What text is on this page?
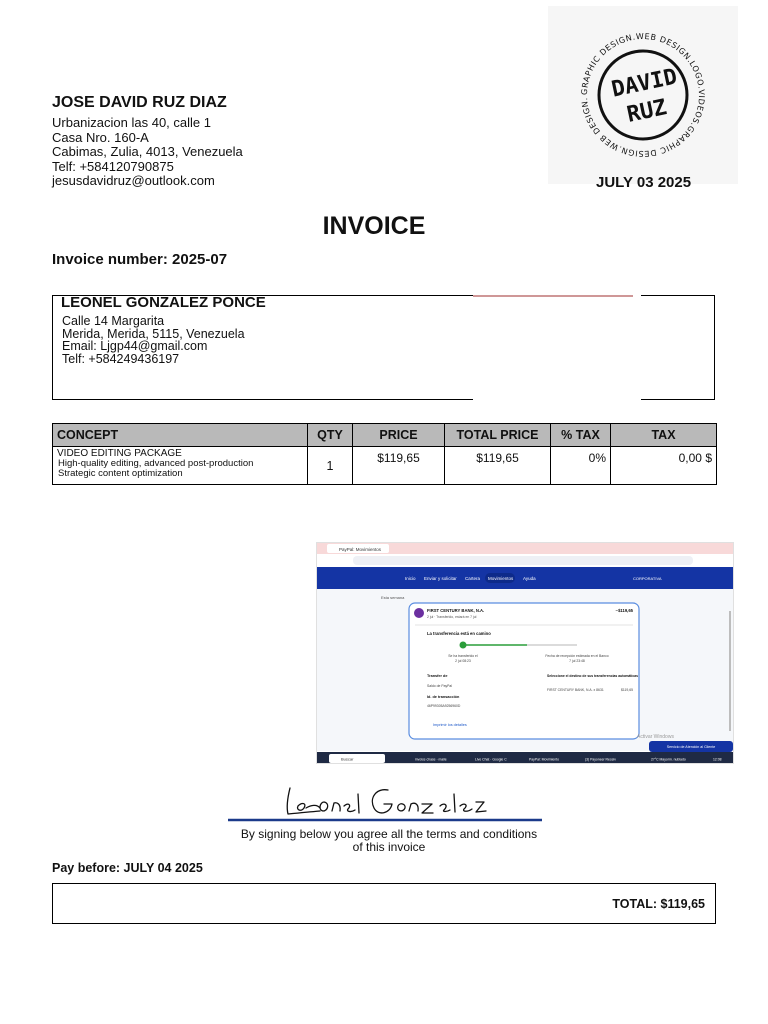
JOSE DAVID RUZ DIAZ
Urbanizacion las 40, calle 1
Casa Nro. 160-A
Cabimas, Zulia, 4013, Venezuela
Telf: +584120790875
jesusdavidruz@outlook.com
GRAPHIC DESIGN.WEB DESIGN.LOGO.VIDEOS.GRAPHIC DESIGN.WEB DESIGN. DAVID
RUZ
JULY 03 2025
INVOICE
Invoice number: 2025-07
LEONEL GONZALEZ PONCE
Calle 14 Margarita
Merida, Merida, 5115, Venezuela
Email: Ljgp44@gmail.com
Telf: +584249436197
CONCEPT	QTY	PRICE	TOTAL PRICE	% TAX	TAX

VIDEO EDITING PACKAGE
High-quality editing, advanced post-production
Strategic content optimization	1	$119,65	$119,65	0%	0,00 $
PayPal: Movimientos
Inicio Enviar y solicitar Cartera Movimientos Ayuda	CORPORATIVA
Esta semana
FIRST CENTURY BANK, N.A.
2 jul · Transferido, estará en 7 jul
−$119,65
La transferencia está en camino
Se ha transferido el
2 jul 08:23
Fecha de recepción estimada en el Banco
7 jul 23:48
Transfer de
Saldo de PayPal
Id. de transacción
46P99305A9256960D
Seleccione el destino de sus transferencias automáticas
FIRST CENTURY BANK, N.A. x 8631	$119,65
Imprimir los detalles
Activar Windows
Servicio de Atención al Cliente
Buscar	invoice chase · maile	Live Chat · Google C	PayPal: Movimiento	(3) Payoneer Receiv	27°C Mayorm. nublado	12:08
By signing below you agree all the terms and conditions of this invoice
Pay before: JULY 04 2025
TOTAL: $119,65
